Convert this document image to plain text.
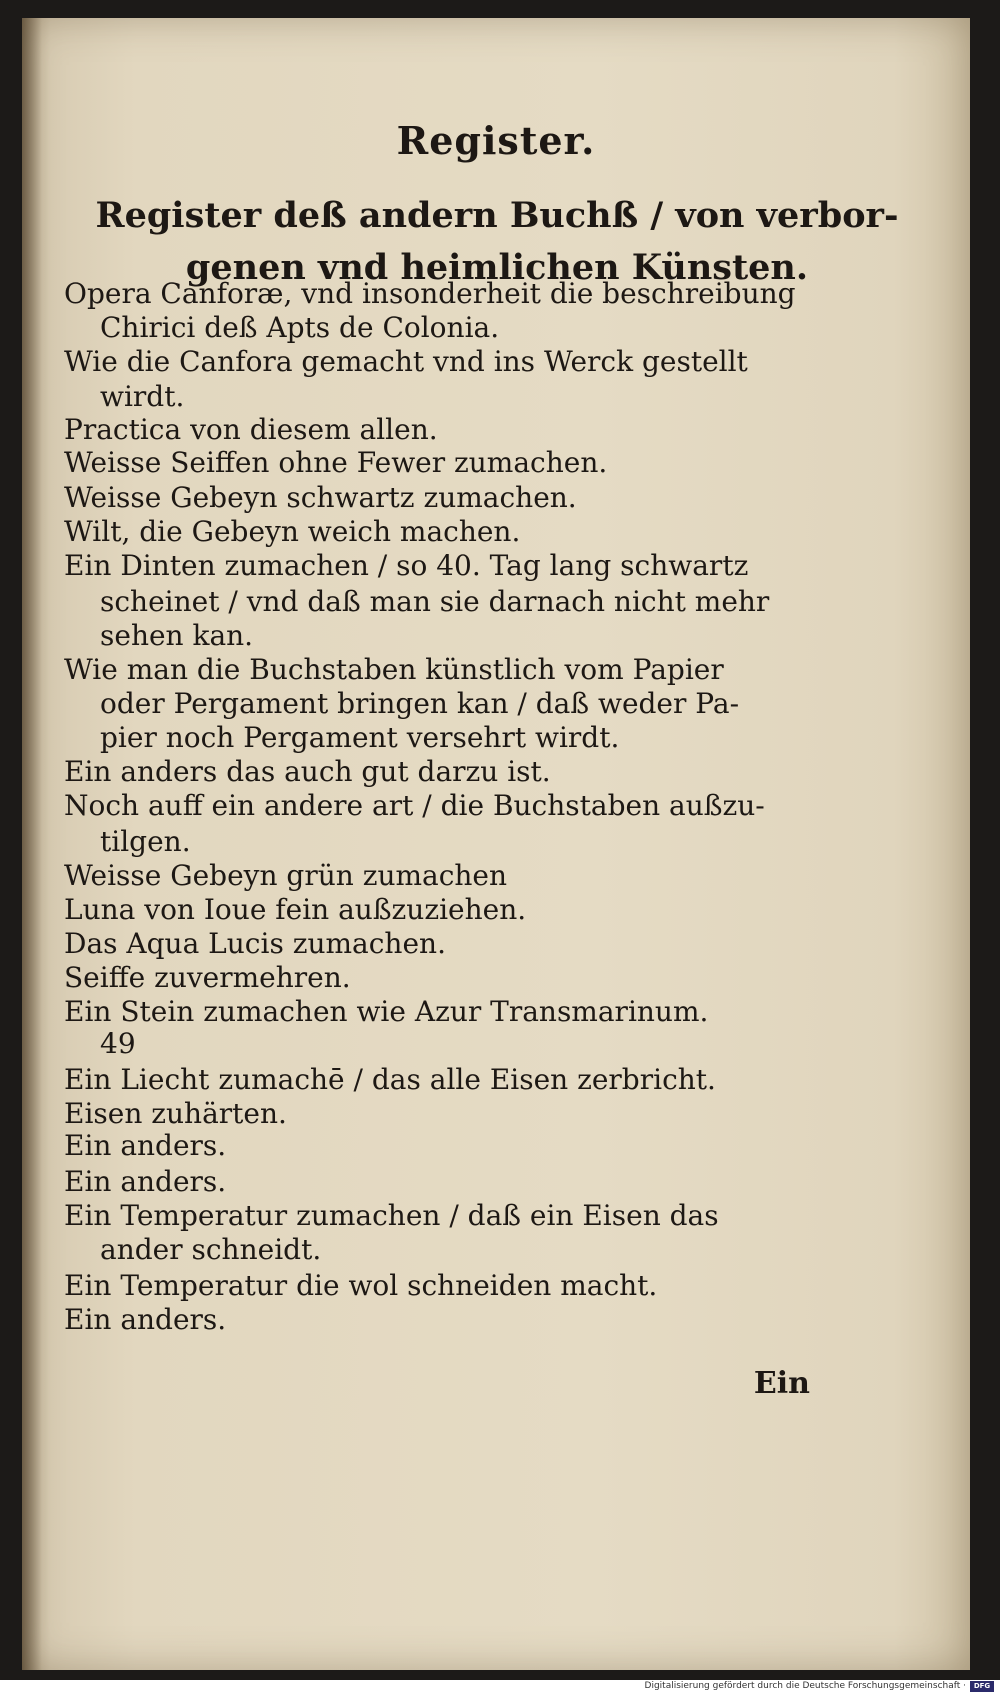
Register.
Register deß andern Buchß / von verbor-
genen vnd heimlichen Künsten.
Opera Canforæ, vnd insonderheit die beschreibung
Chirici deß Apts de Colonia.
Wie die Canfora gemacht vnd ins Werck gestellt
wirdt.
Practica von diesem allen.
Weisse Seiffen ohne Fewer zumachen.
Weisse Gebeyn schwartz zumachen.
Wilt, die Gebeyn weich machen.
Ein Dinten zumachen / so 40. Tag lang schwartz
scheinet / vnd daß man sie darnach nicht mehr
sehen kan.
Wie man die Buchstaben künstlich vom Papier
oder Pergament bringen kan / daß weder Pa-
pier noch Pergament versehrt wirdt.
Ein anders das auch gut darzu ist.
Noch auff ein andere art / die Buchstaben außzu-
tilgen.
Weisse Gebeyn grün zumachen
Luna von Ioue fein außzuziehen.
Das Aqua Lucis zumachen.
Seiffe zuvermehren.
Ein Stein zumachen wie Azur Transmarinum.
49
Ein Liecht zumachē / das alle Eisen zerbricht.
Eisen zuhärten.
Ein anders.
Ein anders.
Ein Temperatur zumachen / daß ein Eisen das
ander schneidt.
Ein Temperatur die wol schneiden macht.
Ein anders.
Ein
Digitalisierung gefördert durch die Deutsche Forschungsgemeinschaft ·	DFG
